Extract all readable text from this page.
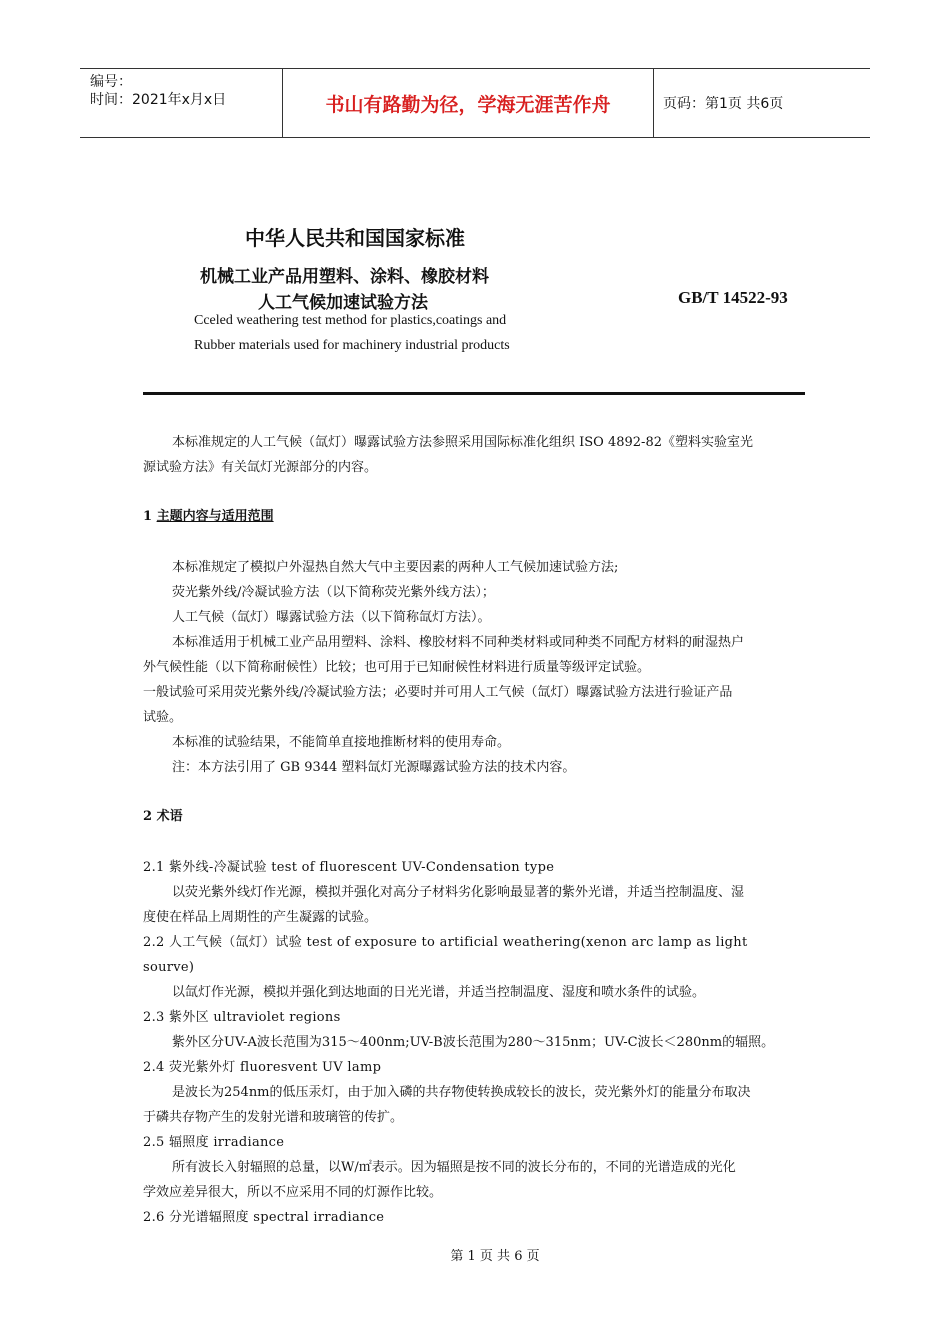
编号：
时间：2021年x月x日	书山有路勤为径，学海无涯苦作舟	页码：第1页 共6页
中华人民共和国国家标准
机械工业产品用塑料、涂料、橡胶材料
人工气候加速试验方法	GB/T 14522-93
Cceled weathering test method for plastics,coatings and
Rubber materials used for machinery industrial products
本标准规定的人工气候（氙灯）曝露试验方法参照采用国际标准化组织 ISO 4892-82《塑料实验室光
源试验方法》有关氙灯光源部分的内容。
1 主题内容与适用范围
本标准规定了模拟户外湿热自然大气中主要因素的两种人工气候加速试验方法;
荧光紫外线/冷凝试验方法（以下简称荧光紫外线方法）；
人工气候（氙灯）曝露试验方法（以下简称氙灯方法）。
本标准适用于机械工业产品用塑料、涂料、橡胶材料不同种类材料或同种类不同配方材料的耐湿热户
外气候性能（以下简称耐候性）比较；也可用于已知耐候性材料进行质量等级评定试验。
一般试验可采用荧光紫外线/冷凝试验方法；必要时并可用人工气候（氙灯）曝露试验方法进行验证产品
试验。
本标准的试验结果，不能简单直接地推断材料的使用寿命。
注：本方法引用了 GB 9344 塑料氙灯光源曝露试验方法的技术内容。
2 术语
2.1 紫外线-冷凝试验 test of fluorescent UV-Condensation type
以荧光紫外线灯作光源，模拟并强化对高分子材料劣化影响最显著的紫外光谱，并适当控制温度、湿
度使在样品上周期性的产生凝露的试验。
2.2 人工气候（氙灯）试验 test of exposure to artificial weathering(xenon arc lamp as light
sourve)
以氙灯作光源，模拟并强化到达地面的日光光谱，并适当控制温度、湿度和喷水条件的试验。
2.3 紫外区 ultraviolet regions
紫外区分UV-A波长范围为315～400nm;UV-B波长范围为280～315nm；UV-C波长＜280nm的辐照。
2.4 荧光紫外灯 fluoresvent UV lamp
是波长为254nm的低压汞灯，由于加入磷的共存物使转换成较长的波长，荧光紫外灯的能量分布取决
于磷共存物产生的发射光谱和玻璃管的传扩。
2.5 辐照度 irradiance
所有波长入射辐照的总量，以W/㎡表示。因为辐照是按不同的波长分布的，不同的光谱造成的光化
学效应差异很大，所以不应采用不同的灯源作比较。
2.6 分光谱辐照度 spectral irradiance
第 1 页 共 6 页
